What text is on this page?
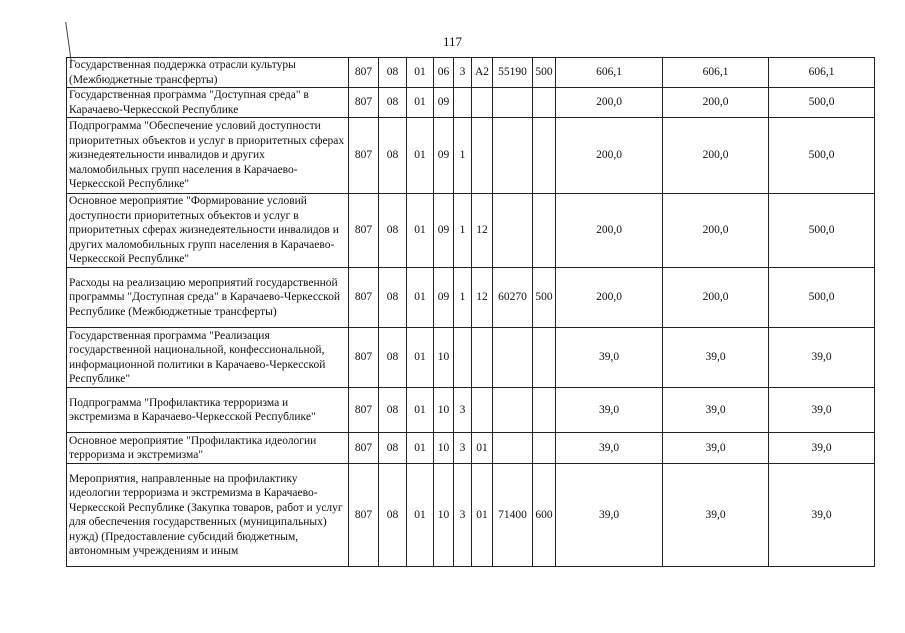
117
Государственная поддержка отрасли культуры (Межбюджетные трансферты)	807	08	01	06	3	A2	55190	500	606,1	606,1	606,1
Государственная программа "Доступная среда" в Карачаево-Черкесской Республике	807	08	01	09					200,0	200,0	500,0
Подпрограмма "Обеспечение условий доступности приоритетных объектов и услуг в приоритетных сферах жизнедеятельности инвалидов и других маломобильных групп населения в Карачаево-Черкесской Республике"	807	08	01	09	1				200,0	200,0	500,0
Основное мероприятие "Формирование условий доступности приоритетных объектов и услуг в приоритетных сферах жизнедеятельности инвалидов и других маломобильных групп населения в Карачаево-Черкесской Республике"	807	08	01	09	1	12			200,0	200,0	500,0
Расходы на реализацию мероприятий государственной программы "Доступная среда" в Карачаево-Черкесской Республике (Межбюджетные трансферты)	807	08	01	09	1	12	60270	500	200,0	200,0	500,0
Государственная программа "Реализация государственной национальной, конфессиональной, информационной политики в Карачаево-Черкесской Республике"	807	08	01	10					39,0	39,0	39,0
Подпрограмма "Профилактика терроризма и экстремизма в Карачаево-Черкесской Республике"	807	08	01	10	3				39,0	39,0	39,0
Основное мероприятие "Профилактика идеологии терроризма и экстремизма"	807	08	01	10	3	01			39,0	39,0	39,0
Мероприятия, направленные на профилактику идеологии терроризма и экстремизма в Карачаево-Черкесской Республике (Закупка товаров, работ и услуг для обеспечения государственных (муниципальных) нужд) (Предоставление субсидий бюджетным, автономным учреждениям и иным	807	08	01	10	3	01	71400	600	39,0	39,0	39,0
